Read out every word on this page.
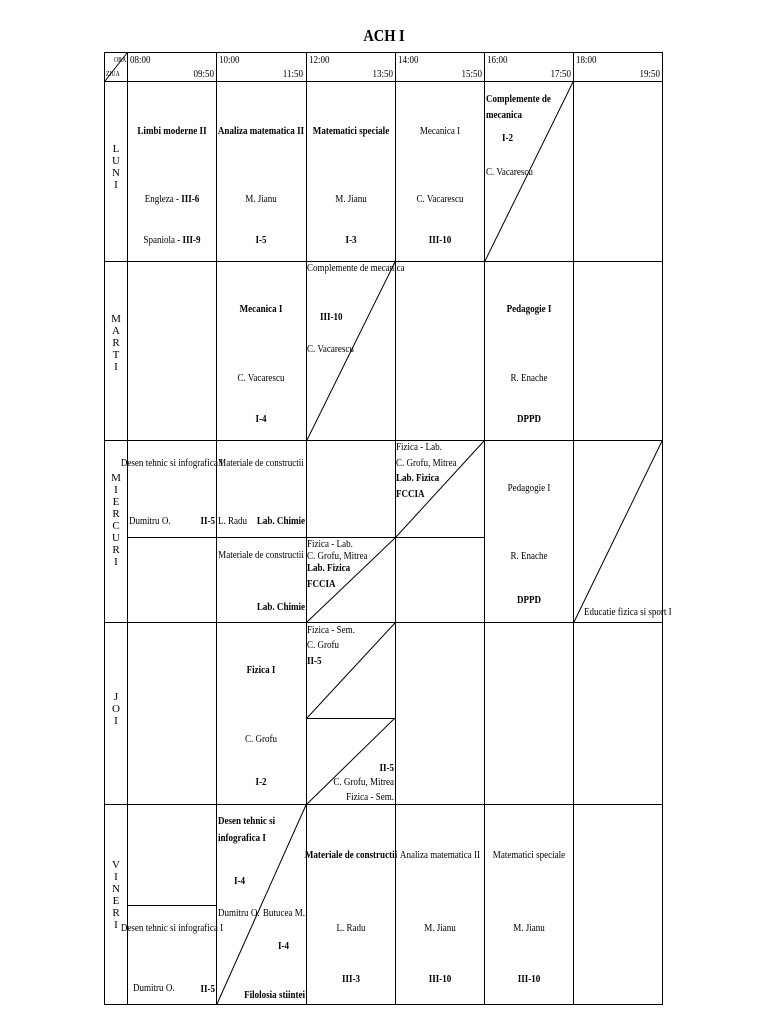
ACH I
ORA
ZIUA
08:00
09:50
10:00
11:50
12:00
13:50
14:00
15:50
16:00
17:50
18:00
19:50
L
U
N
I
M
A
R
T
I
M
I
E
R
C
U
R
I
J
O
I
V
I
N
E
R
I
Limbi moderne II
Engleza - III-6
Spaniola - III-9
Analiza matematica II
M. Jianu
I-5
Matematici speciale
M. Jianu
I-3
Mecanica I
C. Vacarescu
III-10
Complemente de
mecanica
I-2
C. Vacarescu
Mecanica I
C. Vacarescu
I-4
Complemente de mecanica
III-10
C. Vacarescu
Pedagogie I
R. Enache
DPPD
Desen tehnic si infografica I
Dumitru O.	II-5
Materiale de constructii
L. Radu Lab. Chimie
Materiale de constructii
Lab. Chimie
Fizica - Lab.
C. Grofu, Mitrea
Lab. Fizica
FCCIA
Fizica - Lab.
C. Grofu, Mitrea
Lab. Fizica
FCCIA	Pedagogie I
R. Enache
DPPD
Educatie fizica si sport I
Fizica I
C. Grofu
I-2
Fizica - Sem.
C. Grofu
II-5
II-5
C. Grofu, Mitrea
Fizica - Sem.
Desen tehnic si infografica I
Dumitru O. II-5
Desen tehnic si
infografica I
I-4
Dumitru O. Butucea M.
I-4
Filolosia stiintei
Materiale de constructii
L. Radu
III-3
Analiza matematica II
M. Jianu
III-10
Matematici speciale
M. Jianu
III-10
